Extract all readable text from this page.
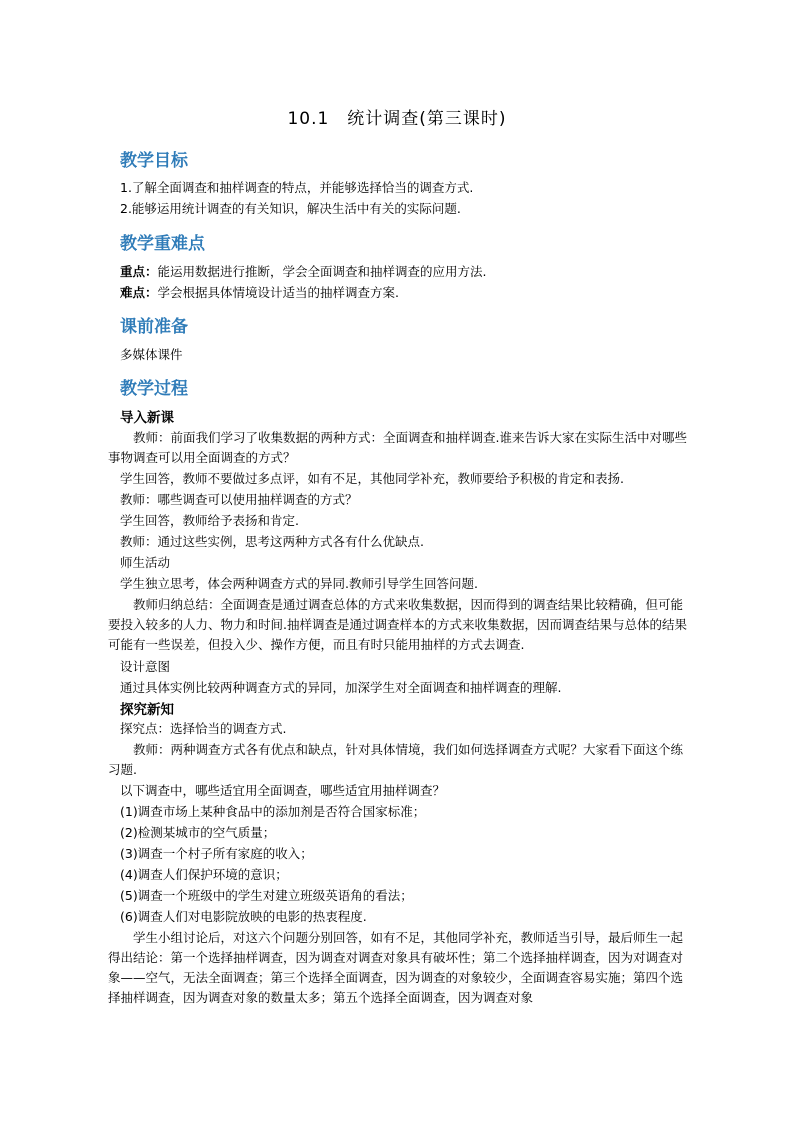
10.1　统计调查(第三课时)
教学目标
1.了解全面调查和抽样调查的特点，并能够选择恰当的调查方式.
2.能够运用统计调查的有关知识，解决生活中有关的实际问题.
教学重难点
重点：能运用数据进行推断，学会全面调查和抽样调查的应用方法.
难点：学会根据具体情境设计适当的抽样调查方案.
课前准备
多媒体课件
教学过程
导入新课
　　教师：前面我们学习了收集数据的两种方式：全面调查和抽样调查.谁来告诉大家在实际生活中对哪些事物调查可以用全面调查的方式？
学生回答，教师不要做过多点评，如有不足，其他同学补充，教师要给予积极的肯定和表扬.
教师：哪些调查可以使用抽样调查的方式？
学生回答，教师给予表扬和肯定.
教师：通过这些实例，思考这两种方式各有什么优缺点.
师生活动
学生独立思考，体会两种调查方式的异同.教师引导学生回答问题.
　　教师归纳总结：全面调查是通过调查总体的方式来收集数据，因而得到的调查结果比较精确，但可能要投入较多的人力、物力和时间.抽样调查是通过调查样本的方式来收集数据，因而调查结果与总体的结果可能有一些误差，但投入少、操作方便，而且有时只能用抽样的方式去调查.
设计意图
通过具体实例比较两种调查方式的异同，加深学生对全面调查和抽样调查的理解.
探究新知
探究点：选择恰当的调查方式.
　　教师：两种调查方式各有优点和缺点，针对具体情境，我们如何选择调查方式呢？大家看下面这个练习题.
以下调查中，哪些适宜用全面调查，哪些适宜用抽样调查？
(1)调查市场上某种食品中的添加剂是否符合国家标准；
(2)检测某城市的空气质量；
(3)调查一个村子所有家庭的收入；
(4)调查人们保护环境的意识；
(5)调查一个班级中的学生对建立班级英语角的看法；
(6)调查人们对电影院放映的电影的热衷程度.
　　学生小组讨论后，对这六个问题分别回答，如有不足，其他同学补充，教师适当引导，最后师生一起得出结论：第一个选择抽样调查，因为调查对调查对象具有破坏性；第二个选择抽样调查，因为对调查对象——空气，无法全面调查；第三个选择全面调查，因为调查的对象较少，全面调查容易实施；第四个选择抽样调查，因为调查对象的数量太多；第五个选择全面调查，因为调查对象
